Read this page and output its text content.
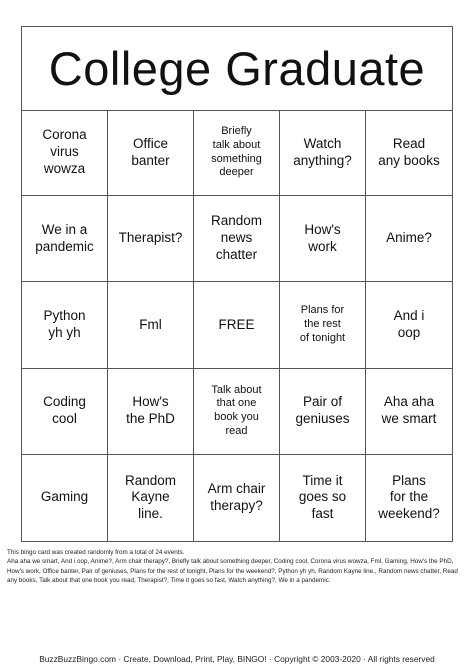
College Graduate
Corona
virus
wowza
Office
banter
Briefly
talk about
something
deeper
Watch
anything?
Read
any books
We in a
pandemic
Therapist?
Random
news
chatter
How's
work
Anime?
Python
yh yh
Fml	FREE
Plans for
the rest
of tonight
And i
oop
Coding
cool
How's
the PhD
Talk about
that one
book you
read
Pair of
geniuses
Aha aha
we smart
Gaming
Random
Kayne
line.
Arm chair
therapy?
Time it
goes so
fast
Plans
for the
weekend?
This bingo card was created randomly from a total of 24 events.
Aha aha we smart, And i oop, Anime?, Arm chair therapy?, Briefly talk about something deeper, Coding cool, Corona virus wowza, Fml, Gaming, How's the PhD, How's work, Office banter, Pair of geniuses, Plans for the rest of tonight, Plans for the weekend?, Python yh yh, Random Kayne line., Random news chatter, Read any books, Talk about that one book you read, Therapist?, Time it goes so fast, Watch anything?, We in a pandemic.
BuzzBuzzBingo.com · Create, Download, Print, Play, BINGO! · Copyright © 2003-2020 · All rights reserved
